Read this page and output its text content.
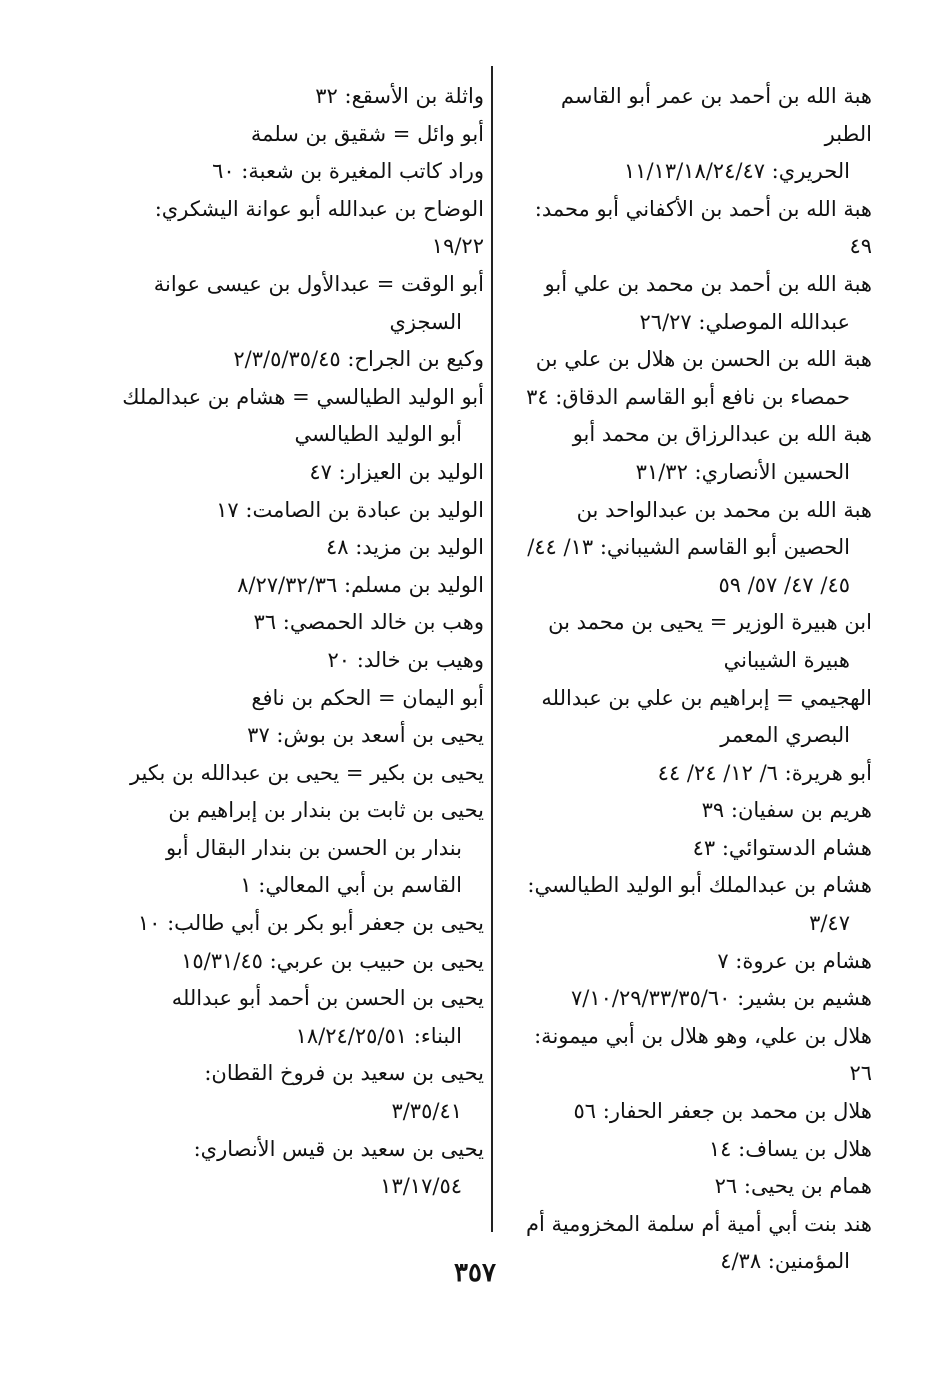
هبة الله بن أحمد بن عمر أبو القاسم الطبر
الحريري: ١١/١٣/١٨/٢٤/٤٧
هبة الله بن أحمد بن الأكفاني أبو محمد: ٤٩
هبة الله بن أحمد بن محمد بن علي أبو
عبدالله الموصلي: ٢٦/٢٧
هبة الله بن الحسن بن هلال بن علي بن
حمصاء بن نافع أبو القاسم الدقاق: ٣٤
هبة الله بن عبدالرزاق بن محمد أبو
الحسين الأنصاري: ٣١/٣٢
هبة الله بن محمد بن عبدالواحد بن
الحصين أبو القاسم الشيباني: ١٣/ ٤٤/
٤٥/ ٤٧/ ٥٧/ ٥٩
ابن هبيرة الوزير = يحيى بن محمد بن
هبيرة الشيباني
الهجيمي = إبراهيم بن علي بن عبدالله
البصري المعمر
أبو هريرة: ٦/ ١٢/ ٢٤/ ٤٤
هريم بن سفيان: ٣٩
هشام الدستوائي: ٤٣
هشام بن عبدالملك أبو الوليد الطيالسي:
٣/٤٧
هشام بن عروة: ٧
هشيم بن بشير: ٧/١٠/٢٩/٣٣/٣٥/٦٠
هلال بن علي، وهو هلال بن أبي ميمونة: ٢٦
هلال بن محمد بن جعفر الحفار: ٥٦
هلال بن يساف: ١٤
همام بن يحيى: ٢٦
هند بنت أبي أمية أم سلمة المخزومية أم
المؤمنين: ٤/٣٨
واثلة بن الأسقع: ٣٢
أبو وائل = شقيق بن سلمة
وراد كاتب المغيرة بن شعبة: ٦٠
الوضاح بن عبدالله أبو عوانة اليشكري: ١٩/٢٢
أبو الوقت = عبدالأول بن عيسى عوانة
السجزي
وكيع بن الجراح: ٢/٣/٥/٣٥/٤٥
أبو الوليد الطيالسي = هشام بن عبدالملك
أبو الوليد الطيالسي
الوليد بن العيزار: ٤٧
الوليد بن عبادة بن الصامت: ١٧
الوليد بن مزيد: ٤٨
الوليد بن مسلم: ٨/٢٧/٣٢/٣٦
وهب بن خالد الحمصي: ٣٦
وهيب بن خالد: ٢٠
أبو اليمان = الحكم بن نافع
يحيى بن أسعد بن بوش: ٣٧
يحيى بن بكير = يحيى بن عبدالله بن بكير
يحيى بن ثابت بن بندار بن إبراهيم بن
بندار بن الحسن بن بندار البقال أبو
القاسم بن أبي المعالي: ١
يحيى بن جعفر أبو بكر بن أبي طالب: ١٠
يحيى بن حبيب بن عربي: ١٥/٣١/٤٥
يحيى بن الحسن بن أحمد أبو عبدالله
البناء: ١٨/٢٤/٢٥/٥١
يحيى بن سعيد بن فروخ القطان:
٣/٣٥/٤١
يحيى بن سعيد بن قيس الأنصاري:
١٣/١٧/٥٤
٣٥٧
